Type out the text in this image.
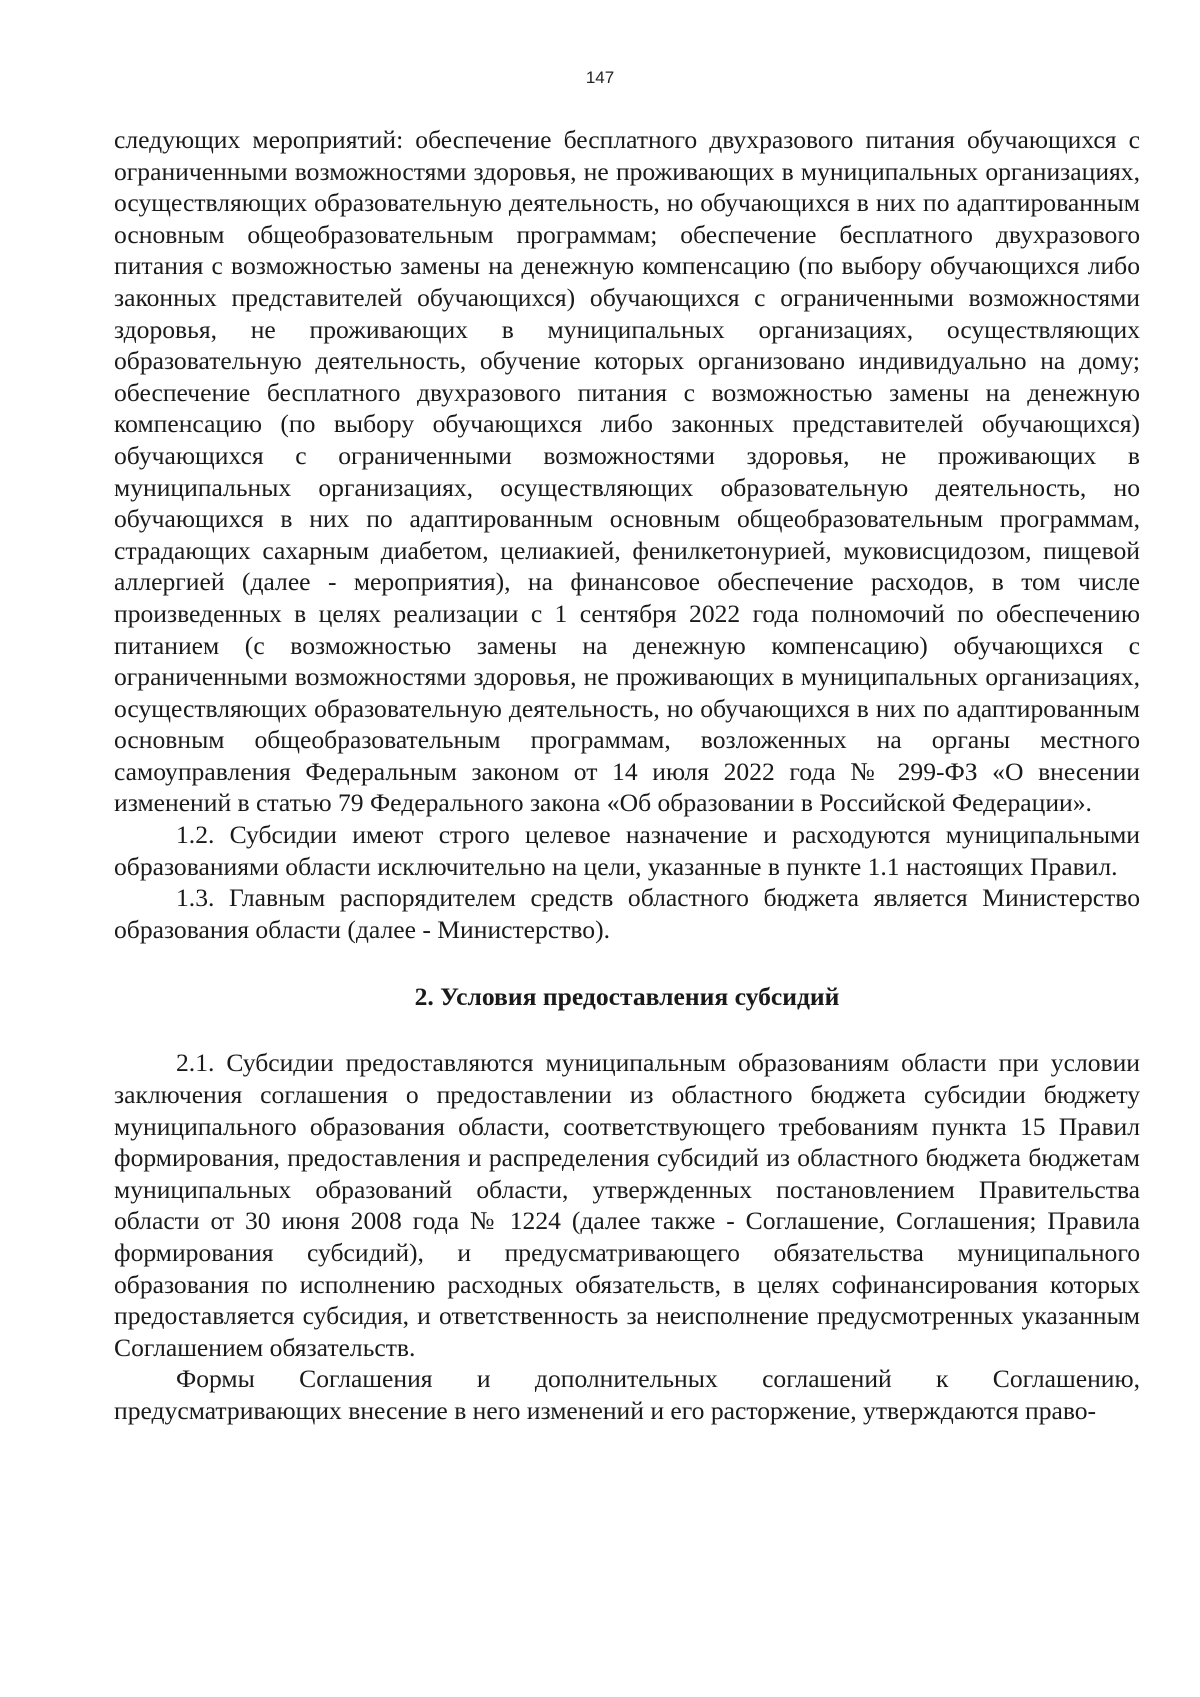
147

следующих мероприятий: обеспечение бесплатного двухразового питания обучающихся с ограниченными возможностями здоровья, не проживающих в муниципальных организациях, осуществляющих образовательную деятельность, но обучающихся в них по адаптированным основным общеобразовательным программам; обеспечение бесплатного двухразового питания с возможностью замены на денежную компенсацию (по выбору обучающихся либо законных представителей обучающихся) обучающихся с ограниченными возможностями здоровья, не проживающих в муниципальных организациях, осуществляющих образовательную деятельность, обучение которых организовано индивидуально на дому; обеспечение бесплатного двухразового питания с возможностью замены на денежную компенсацию (по выбору обучающихся либо законных представителей обучающихся) обучающихся с ограниченными возможностями здоровья, не проживающих в муниципальных организациях, осуществляющих образовательную деятельность, но обучающихся в них по адаптированным основным общеобразовательным программам, страдающих сахарным диабетом, целиакией, фенилкетонурией, муковисцидозом, пищевой аллергией (далее - мероприятия), на финансовое обеспечение расходов, в том числе произведенных в целях реализации с 1 сентября 2022 года полномочий по обеспечению питанием (с возможностью замены на денежную компенсацию) обучающихся с ограниченными возможностями здоровья, не проживающих в муниципальных организациях, осуществляющих образовательную деятельность, но обучающихся в них по адаптированным основным общеобразовательным программам, возложенных на органы местного самоуправления Федеральным законом от 14 июля 2022 года № 299-ФЗ «О внесении изменений в статью 79 Федерального закона «Об образовании в Российской Федерации».

1.2. Субсидии имеют строго целевое назначение и расходуются муниципальными образованиями области исключительно на цели, указанные в пункте 1.1 настоящих Правил.

1.3. Главным распорядителем средств областного бюджета является Министерство образования области (далее - Министерство).

2. Условия предоставления субсидий

2.1. Субсидии предоставляются муниципальным образованиям области при условии заключения соглашения о предоставлении из областного бюджета субсидии бюджету муниципального образования области, соответствующего требованиям пункта 15 Правил формирования, предоставления и распределения субсидий из областного бюджета бюджетам муниципальных образований области, утвержденных постановлением Правительства области от 30 июня 2008 года № 1224 (далее также - Соглашение, Соглашения; Правила формирования субсидий), и предусматривающего обязательства муниципального образования по исполнению расходных обязательств, в целях софинансирования которых предоставляется субсидия, и ответственность за неисполнение предусмотренных указанным Соглашением обязательств.

Формы Соглашения и дополнительных соглашений к Соглашению, предусматривающих внесение в него изменений и его расторжение, утверждаются право-
